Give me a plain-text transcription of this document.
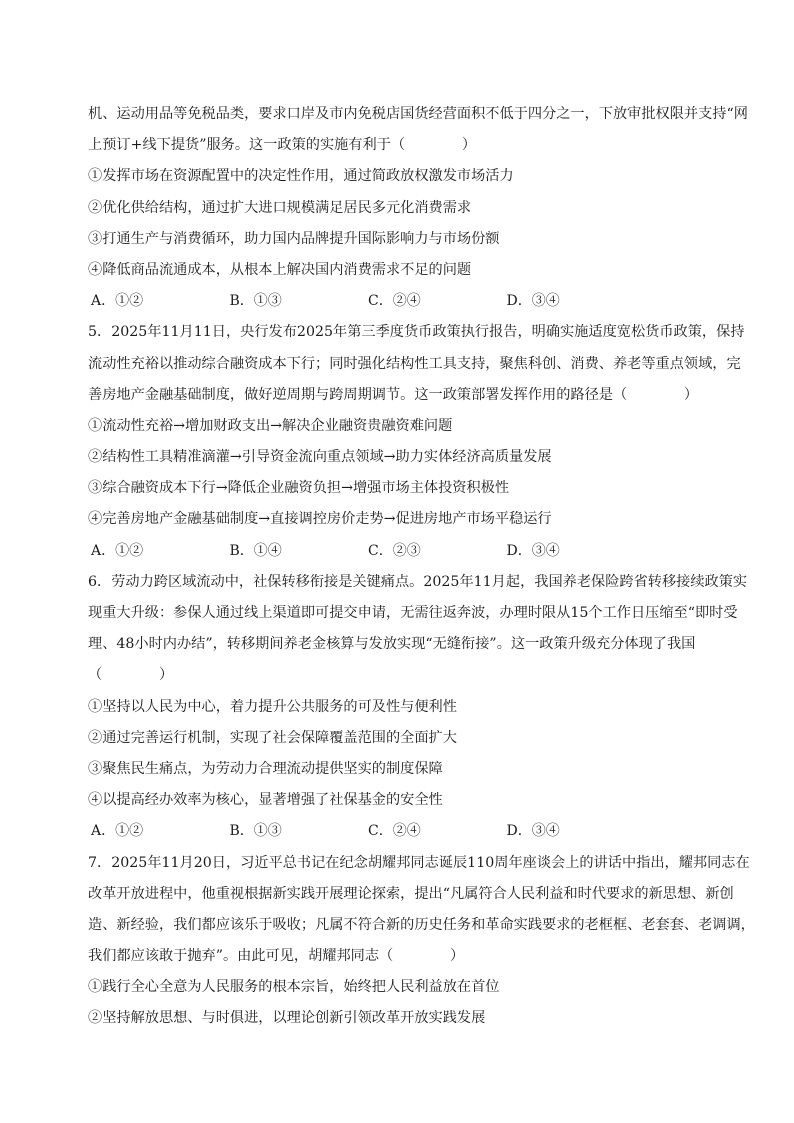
机、运动用品等免税品类，要求口岸及市内免税店国货经营面积不低于四分之一，下放审批权限并支持“网
上预订+线下提货”服务。这一政策的实施有利于（　　　　）
①发挥市场在资源配置中的决定性作用，通过简政放权激发市场活力
②优化供给结构，通过扩大进口规模满足居民多元化消费需求
③打通生产与消费循环，助力国内品牌提升国际影响力与市场份额
④降低商品流通成本，从根本上解决国内消费需求不足的问题
A．①②	B．①③	C．②④	D．③④
5．2025年11月11日，央行发布2025年第三季度货币政策执行报告，明确实施适度宽松货币政策，保持
流动性充裕以推动综合融资成本下行；同时强化结构性工具支持，聚焦科创、消费、养老等重点领域，完
善房地产金融基础制度，做好逆周期与跨周期调节。这一政策部署发挥作用的路径是（　　　　）
①流动性充裕→增加财政支出→解决企业融资贵融资难问题
②结构性工具精准滴灌→引导资金流向重点领域→助力实体经济高质量发展
③综合融资成本下行→降低企业融资负担→增强市场主体投资积极性
④完善房地产金融基础制度→直接调控房价走势→促进房地产市场平稳运行
A．①②	B．①④	C．②③	D．③④
6．劳动力跨区域流动中，社保转移衔接是关键痛点。2025年11月起，我国养老保险跨省转移接续政策实
现重大升级：参保人通过线上渠道即可提交申请，无需往返奔波，办理时限从15个工作日压缩至“即时受
理、48小时内办结”，转移期间养老金核算与发放实现“无缝衔接”。这一政策升级充分体现了我国
（　　　　）
①坚持以人民为中心，着力提升公共服务的可及性与便利性
②通过完善运行机制，实现了社会保障覆盖范围的全面扩大
③聚焦民生痛点，为劳动力合理流动提供坚实的制度保障
④以提高经办效率为核心，显著增强了社保基金的安全性
A．①②	B．①③	C．②④	D．③④
7．2025年11月20日，习近平总书记在纪念胡耀邦同志诞辰110周年座谈会上的讲话中指出，耀邦同志在
改革开放进程中，他重视根据新实践开展理论探索，提出“凡属符合人民利益和时代要求的新思想、新创
造、新经验，我们都应该乐于吸收；凡属不符合新的历史任务和革命实践要求的老框框、老套套、老调调，
我们都应该敢于抛弃”。由此可见，胡耀邦同志（　　　　）
①践行全心全意为人民服务的根本宗旨，始终把人民利益放在首位
②坚持解放思想、与时俱进，以理论创新引领改革开放实践发展
